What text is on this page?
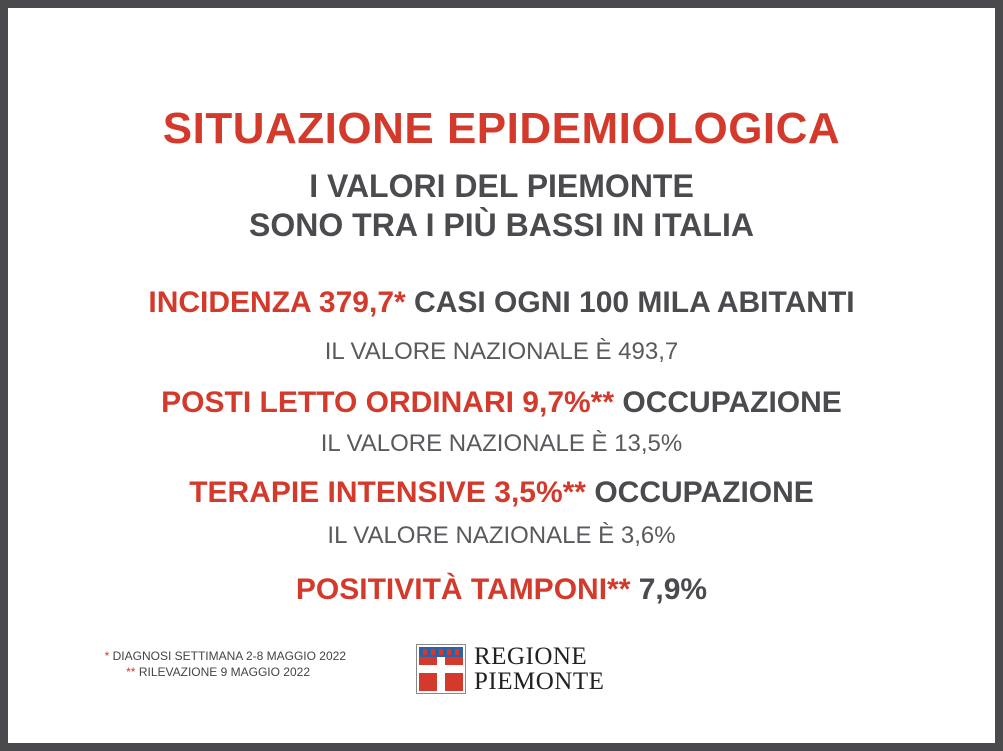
SITUAZIONE EPIDEMIOLOGICA
I VALORI DEL PIEMONTE
SONO TRA I PIÙ BASSI IN ITALIA
INCIDENZA 379,7* CASI OGNI 100 MILA ABITANTI
IL VALORE NAZIONALE È 493,7
POSTI LETTO ORDINARI 9,7%** OCCUPAZIONE
IL VALORE NAZIONALE È 13,5%
TERAPIE INTENSIVE 3,5%** OCCUPAZIONE
IL VALORE NAZIONALE È 3,6%
POSITIVITÀ TAMPONI** 7,9%
* DIAGNOSI SETTIMANA 2-8 MAGGIO 2022
** RILEVAZIONE 9 MAGGIO 2022
REGIONE
PIEMONTE
